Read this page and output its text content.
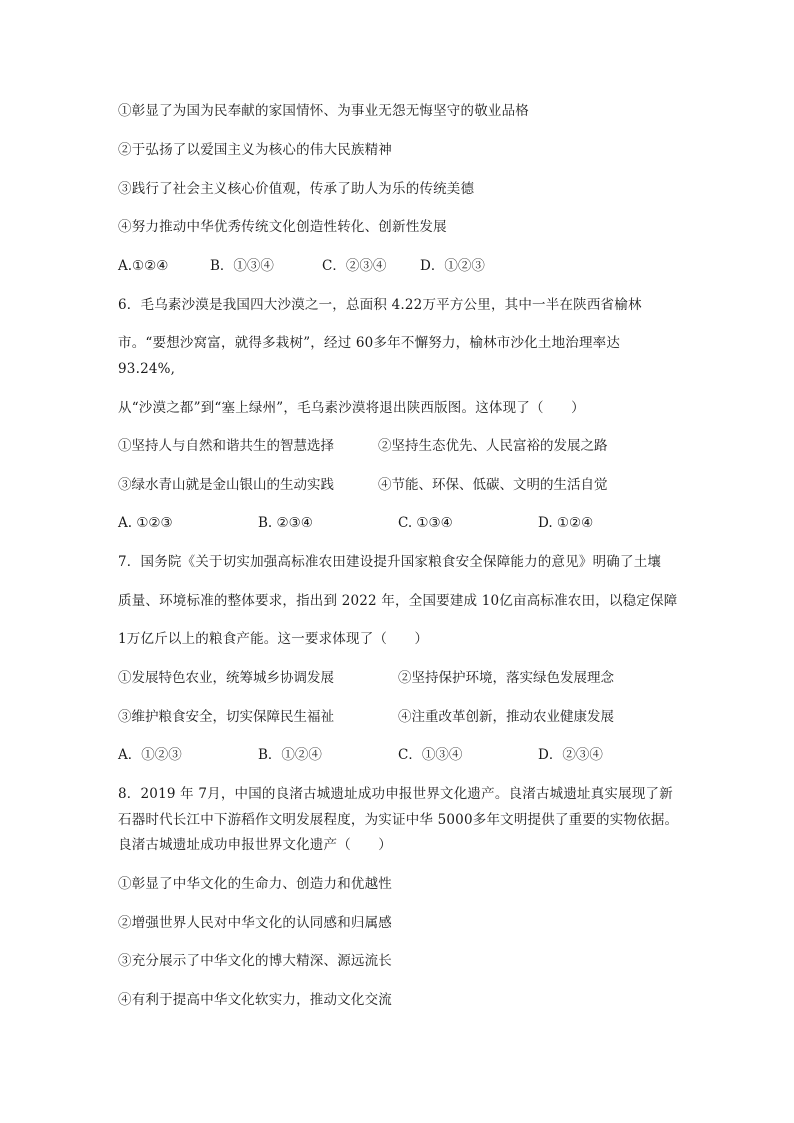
①彰显了为国为民奉献的家国情怀、为事业无怨无悔坚守的敬业品格
②于弘扬了以爱国主义为核心的伟大民族精神
③践行了社会主义核心价值观，传承了助人为乐的传统美德
④努力推动中华优秀传统文化创造性转化、创新性发展
A.①②④	B．①③④	C．②③④ D．①②③
6．毛乌素沙漠是我国四大沙漠之一，总面积 4.22万平方公里，其中一半在陕西省榆林
市。“要想沙窝富，就得多栽树”，经过 60多年不懈努力，榆林市沙化土地治理率达
93.24%,
从“沙漠之都”到“塞上绿州”，毛乌素沙漠将退出陕西版图。这体现了（　　）
①坚持人与自然和谐共生的智慧选择	②坚持生态优先、人民富裕的发展之路
③绿水青山就是金山银山的生动实践	④节能、环保、低碳、文明的生活自觉
A. ①②③	B. ②③④	C. ①③④	D. ①②④
7．国务院《关于切实加强高标准农田建设提升国家粮食安全保障能力的意见》明确了土壤
质量、环境标准的整体要求，指出到 2022 年，全国要建成 10亿亩高标准农田，以稳定保障
1万亿斤以上的粮食产能。这一要求体现了（　　）
①发展特色农业，统筹城乡协调发展	②坚持保护环境，落实绿色发展理念
③维护粮食安全，切实保障民生福祉	④注重改革创新，推动农业健康发展
A．①②③	B．①②④	C．①③④	D．②③④
8．2019 年 7月，中国的良渚古城遗址成功申报世界文化遗产。良渚古城遗址真实展现了新
石器时代长江中下游稻作文明发展程度，为实证中华 5000多年文明提供了重要的实物依据。
良渚古城遗址成功申报世界文化遗产（　　）
①彰显了中华文化的生命力、创造力和优越性
②增强世界人民对中华文化的认同感和归属感
③充分展示了中华文化的博大精深、源远流长
④有利于提高中华文化软实力，推动文化交流
